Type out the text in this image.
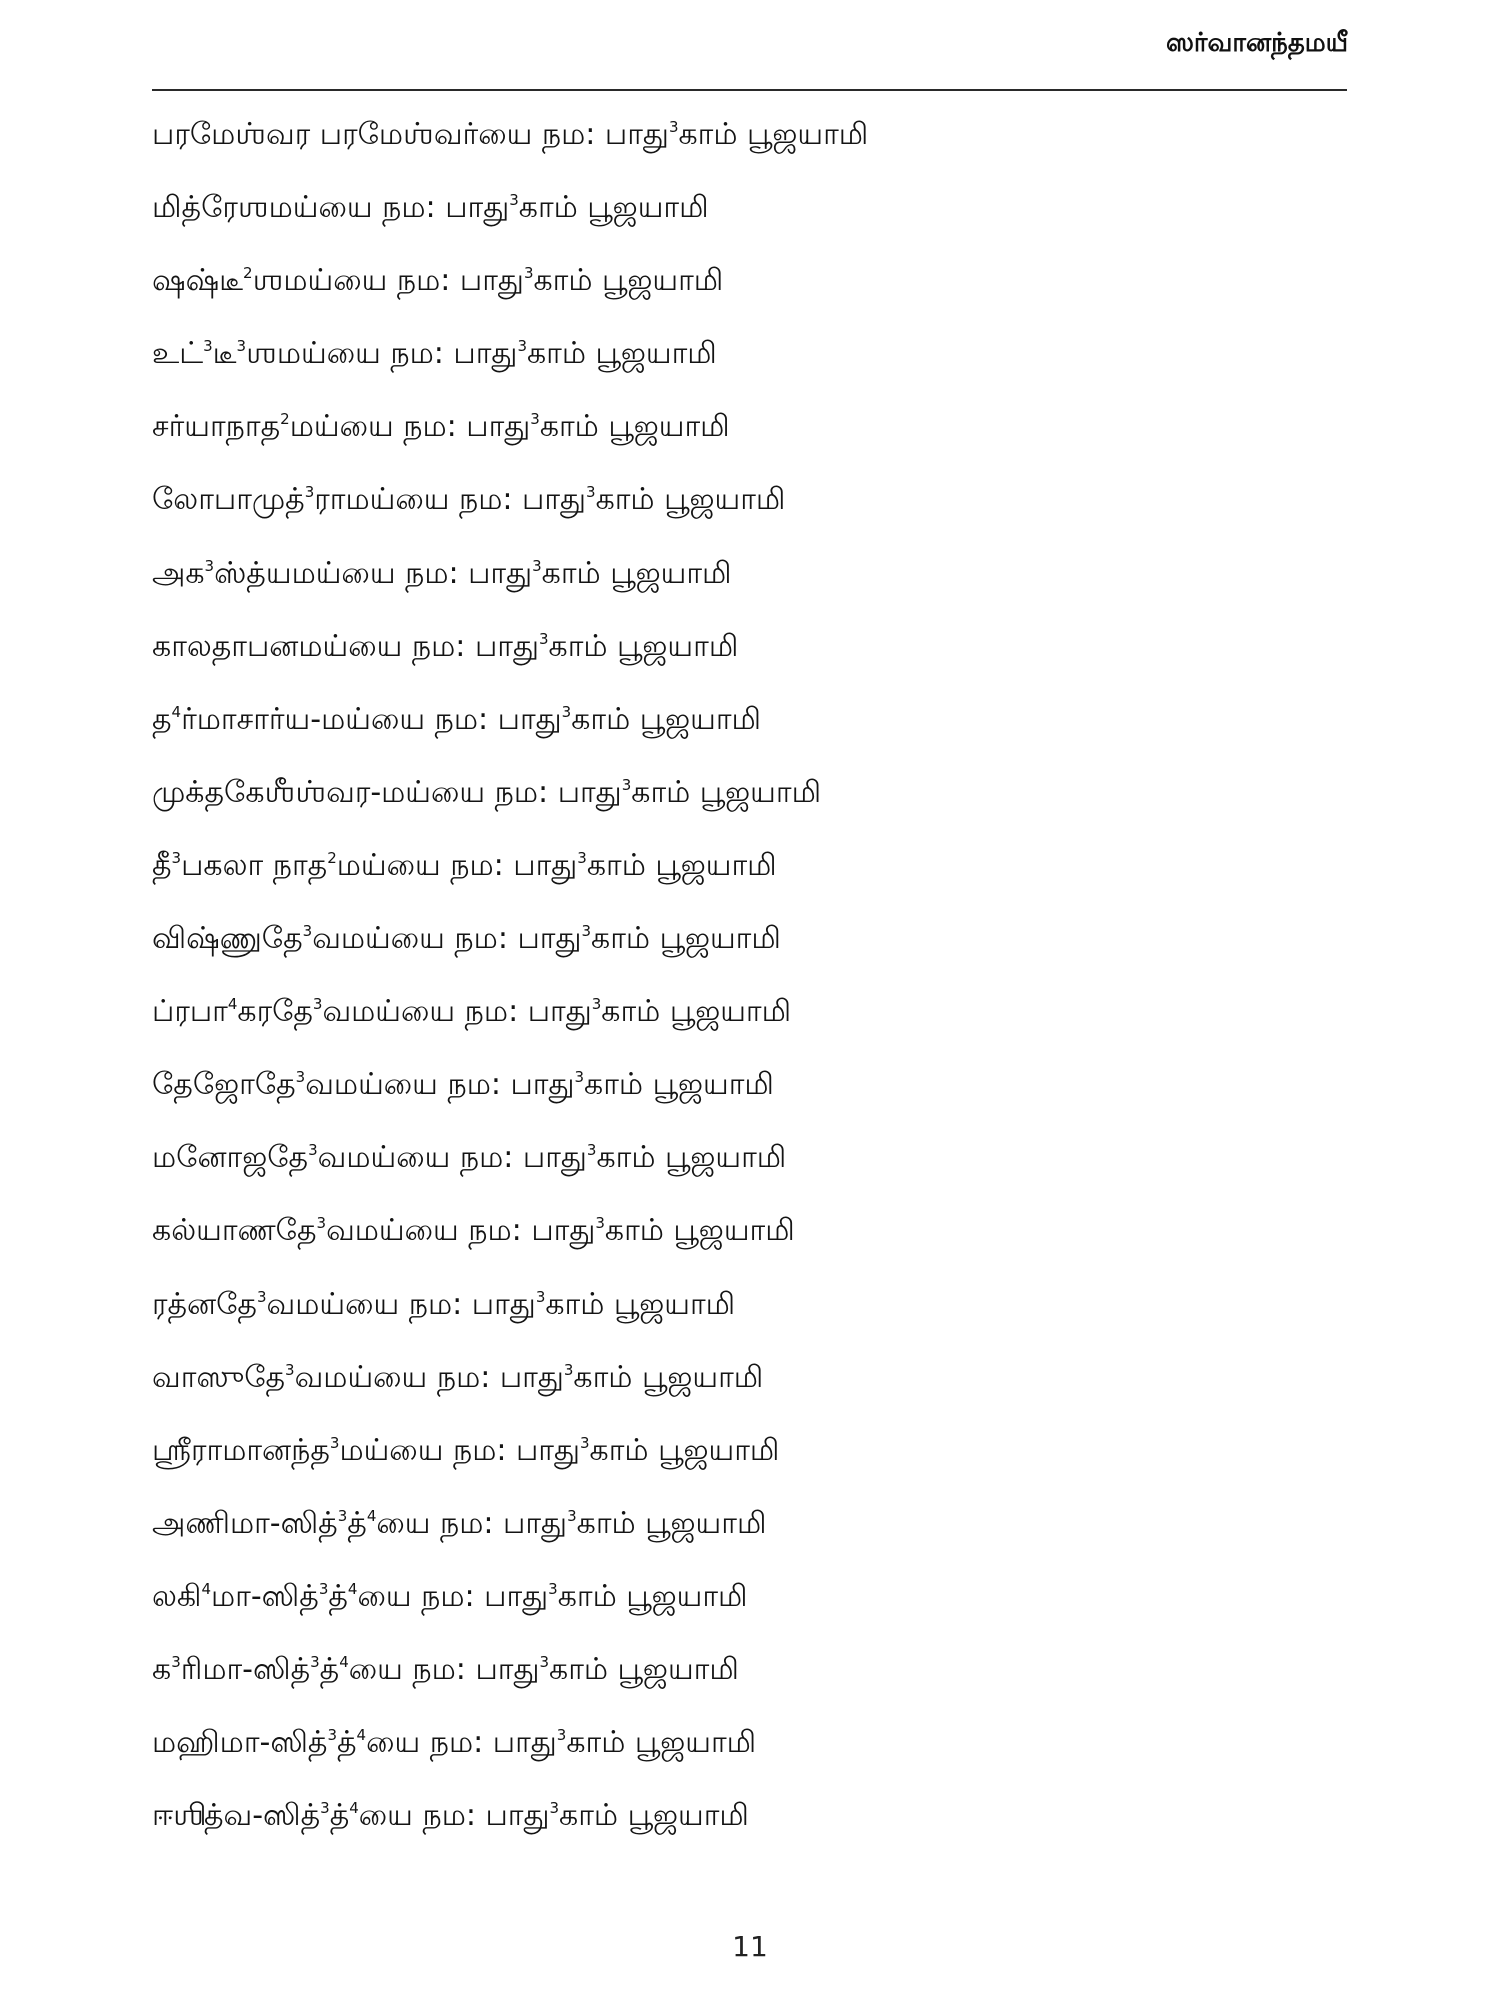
ஸர்வானந்தமயீ
பரமேஶ்வர பரமேஶ்வர்யை நம: பாது$^3$காம் பூஜயாமி
மித்ரேஶமய்யை நம: பாது$^3$காம் பூஜயாமி
ஷஷ்டீ$^2$ஶமய்யை நம: பாது$^3$காம் பூஜயாமி
உட்$^3$டீ$^3$ஶமய்யை நம: பாது$^3$காம் பூஜயாமி
சர்யாநாத$^2$மய்யை நம: பாது$^3$காம் பூஜயாமி
லோபாமுத்$^3$ராமய்யை நம: பாது$^3$காம் பூஜயாமி
அக$^3$ஸ்த்யமய்யை நம: பாது$^3$காம் பூஜயாமி
காலதாபனமய்யை நம: பாது$^3$காம் பூஜயாமி
த$^4$ர்மாசார்ய-மய்யை நம: பாது$^3$காம் பூஜயாமி
முக்தகேஶீஶ்வர-மய்யை நம: பாது$^3$காம் பூஜயாமி
தீ$^3$பகலா நாத$^2$மய்யை நம: பாது$^3$காம் பூஜயாமி
விஷ்ணுதே$^3$வமய்யை நம: பாது$^3$காம் பூஜயாமி
ப்ரபா$^4$கரதே$^3$வமய்யை நம: பாது$^3$காம் பூஜயாமி
தேஜோதே$^3$வமய்யை நம: பாது$^3$காம் பூஜயாமி
மனோஜதே$^3$வமய்யை நம: பாது$^3$காம் பூஜயாமி
கல்யாணதே$^3$வமய்யை நம: பாது$^3$காம் பூஜயாமி
ரத்னதே$^3$வமய்யை நம: பாது$^3$காம் பூஜயாமி
வாஸுதே$^3$வமய்யை நம: பாது$^3$காம் பூஜயாமி
ஶ்ரீராமானந்த$^3$மய்யை நம: பாது$^3$காம் பூஜயாமி
அணிமா-ஸித்$^3$த்$^4$யை நம: பாது$^3$காம் பூஜயாமி
லகி$^4$மா-ஸித்$^3$த்$^4$யை நம: பாது$^3$காம் பூஜயாமி
க$^3$ரிமா-ஸித்$^3$த்$^4$யை நம: பாது$^3$காம் பூஜயாமி
மஹிமா-ஸித்$^3$த்$^4$யை நம: பாது$^3$காம் பூஜயாமி
ஈஶித்வ-ஸித்$^3$த்$^4$யை நம: பாது$^3$காம் பூஜயாமி
11
